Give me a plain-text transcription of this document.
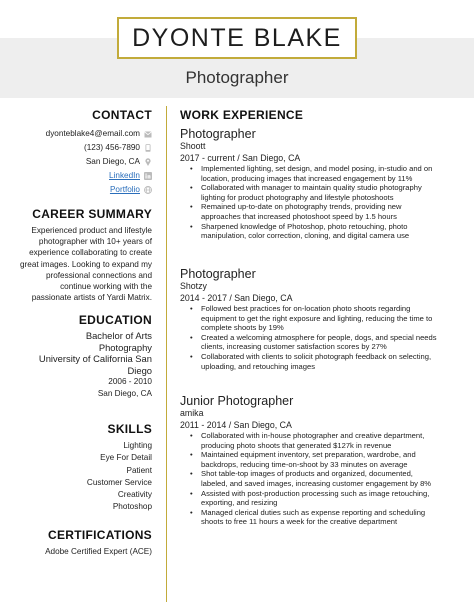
DYONTE BLAKE
Photographer
CONTACT
dyonteblake4@email.com
(123) 456-7890
San Diego, CA
LinkedIn
Portfolio
CAREER SUMMARY
Experienced product and lifestyle
photographer with 10+ years of
experience collaborating to create
great images. Looking to expand my
professional connections and
continue working with the
passionate artists of Yardi Matrix.
EDUCATION
Bachelor of Arts
Photography
University of California San
Diego
2006 - 2010
San Diego, CA
SKILLS
Lighting
Eye For Detail
Patient
Customer Service
Creativity
Photoshop
CERTIFICATIONS
Adobe Certified Expert (ACE)
WORK EXPERIENCE
Photographer
Shoott
2017 - current / San Diego, CA
• Implemented lighting, set design, and model posing, in-studio and on
location, producing images that increased engagement by 11%
• Collaborated with manager to maintain quality studio photography
lighting for product photography and lifestyle photoshoots
• Remained up-to-date on photography trends, providing new
approaches that increased photoshoot speed by 1.5 hours
• Sharpened knowledge of Photoshop, photo retouching, photo
manipulation, color correction, cloning, and digital camera use
Photographer
Shotzy
2014 - 2017 / San Diego, CA
• Followed best practices for on-location photo shoots regarding
equipment to get the right exposure and lighting, reducing the time to
complete shoots by 19%
• Created a welcoming atmosphere for people, dogs, and special needs
clients, increasing customer satisfaction scores by 27%
• Collaborated with clients to solicit photograph feedback on selecting,
uploading, and retouching images
Junior Photographer
amika
2011 - 2014 / San Diego, CA
• Collaborated with in-house photographer and creative department,
producing photo shoots that generated $127k in revenue
• Maintained equipment inventory, set preparation, wardrobe, and
backdrops, reducing time-on-shoot by 33 minutes on average
• Shot table-top images of products and organized, documented,
labeled, and saved images, increasing customer engagement by 8%
• Assisted with post-production processing such as image retouching,
exporting, and resizing
• Managed clerical duties such as expense reporting and scheduling
shoots to free 11 hours a week for the creative department
